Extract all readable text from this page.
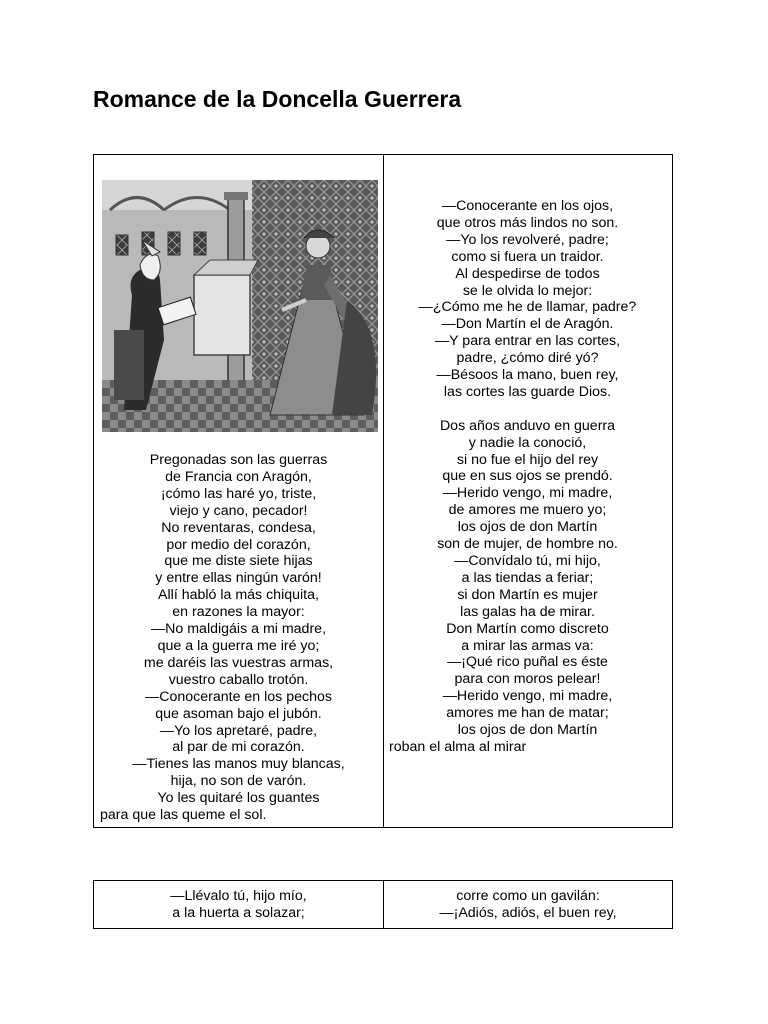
Romance de la Doncella Guerrera
Pregonadas son las guerras
de Francia con Aragón,
¡cómo las haré yo, triste,
viejo y cano, pecador!
No reventaras, condesa,
por medio del corazón,
que me diste siete hijas
y entre ellas ningún varón!
Allí habló la más chiquita,
en razones la mayor:
—No maldigáis a mi madre,
que a la guerra me iré yo;
me daréis las vuestras armas,
vuestro caballo trotón.
—Conocerante en los pechos
que asoman bajo el jubón.
—Yo los apretaré, padre,
al par de mi corazón.
—Tienes las manos muy blancas,
hija, no son de varón.
Yo les quitaré los guantes
para que las queme el sol.
—Conocerante en los ojos,
que otros más lindos no son.
—Yo los revolveré, padre;
como si fuera un traidor.
Al despedirse de todos
se le olvida lo mejor:
—¿Cómo me he de llamar, padre?
—Don Martín el de Aragón.
—Y para entrar en las cortes,
padre, ¿cómo diré yó?
—Bésoos la mano, buen rey,
las cortes las guarde Dios.
Dos años anduvo en guerra
y nadie la conoció,
si no fue el hijo del rey
que en sus ojos se prendó.
—Herido vengo, mi madre,
de amores me muero yo;
los ojos de don Martín
son de mujer, de hombre no.
—Convídalo tú, mi hijo,
a las tiendas a feriar;
si don Martín es mujer
las galas ha de mirar.
Don Martín como discreto
a mirar las armas va:
—¡Qué rico puñal es éste
para con moros pelear!
—Herido vengo, mi madre,
amores me han de matar;
los ojos de don Martín
roban el alma al mirar
—Llévalo tú, hijo mío,
a la huerta a solazar;
corre como un gavilán:
—¡Adiós, adiós, el buen rey,
